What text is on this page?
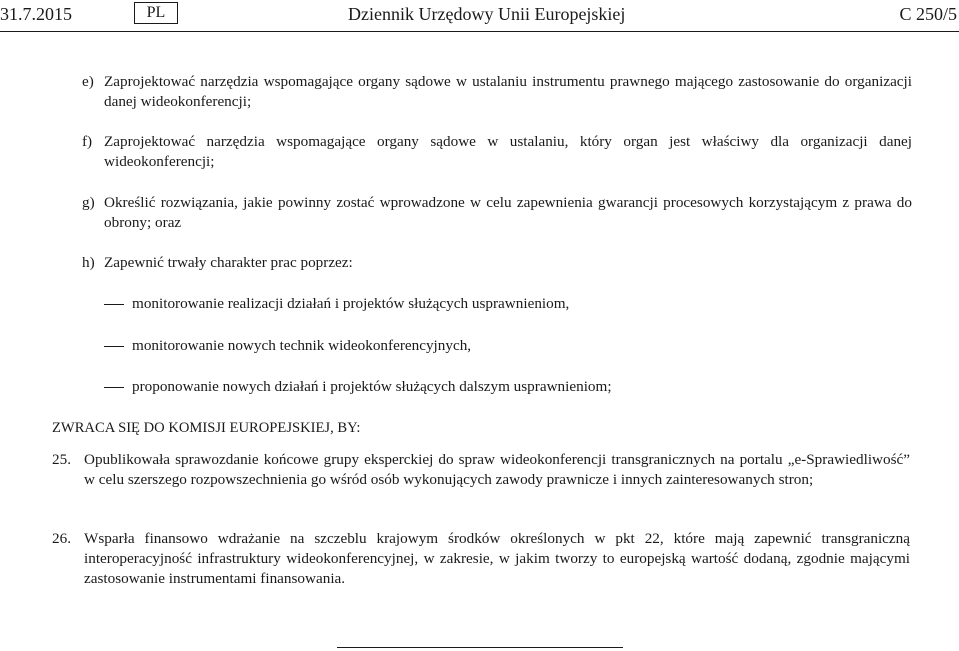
31.7.2015	PL	Dziennik Urzędowy Unii Europejskiej	C 250/5
e) Zaprojektować narzędzia wspomagające organy sądowe w ustalaniu instrumentu prawnego mającego zastosowanie do organizacji danej wideokonferencji;
f) Zaprojektować narzędzia wspomagające organy sądowe w ustalaniu, który organ jest właściwy dla organizacji danej wideokonferencji;
g) Określić rozwiązania, jakie powinny zostać wprowadzone w celu zapewnienia gwarancji procesowych korzystającym z prawa do obrony; oraz
h) Zapewnić trwały charakter prac poprzez:
monitorowanie realizacji działań i projektów służących usprawnieniom,
monitorowanie nowych technik wideokonferencyjnych,
proponowanie nowych działań i projektów służących dalszym usprawnieniom;
ZWRACA SIĘ DO KOMISJI EUROPEJSKIEJ, BY:
25. Opublikowała sprawozdanie końcowe grupy eksperckiej do spraw wideokonferencji transgranicznych na portalu „e-Sprawiedliwość” w celu szerszego rozpowszechnienia go wśród osób wykonujących zawody prawnicze i innych zainteresowanych stron;
26. Wsparła finansowo wdrażanie na szczeblu krajowym środków określonych w pkt 22, które mają zapewnić transgraniczną interoperacyjność infrastruktury wideokonferencyjnej, w zakresie, w jakim tworzy to europejską wartość dodaną, zgodnie mającymi zastosowanie instrumentami finansowania.
